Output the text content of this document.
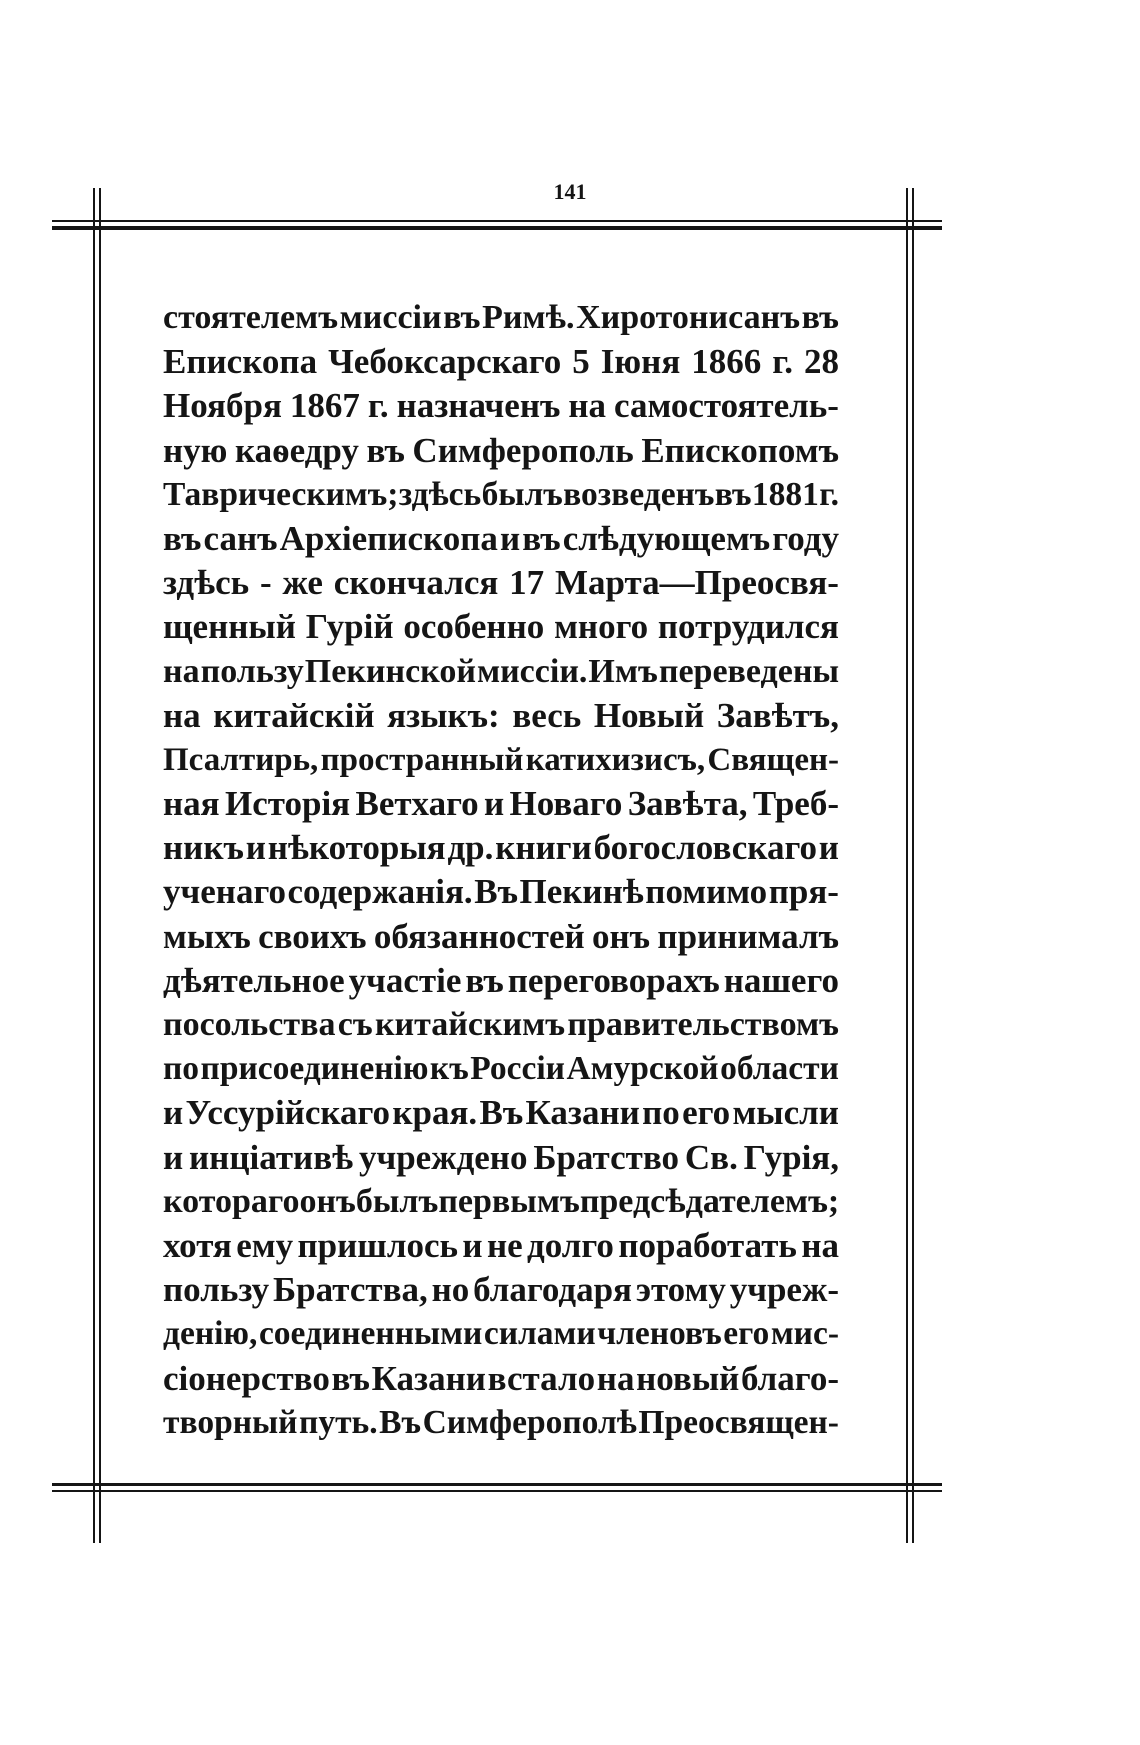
141
стоятелемъ миссіи въ Римѣ. Хиротонисанъ въ
Епископа Чебоксарскаго 5 Іюня 1866 г. 28
Ноября 1867 г. назначенъ на самостоятель-
ную каѳедру въ Симферополь Епископомъ
Таврическимъ; здѣсь былъ возведенъ въ 1881 г.
въ санъ Архіепископа и въ слѣдующемъ году
здѣсь - же скончался 17 Марта—Преосвя-
щенный Гурій особенно много потрудился
на пользу Пекинской миссіи. Имъ переведены
на китайскій языкъ: весь Новый Завѣтъ,
Псалтирь, пространный катихизисъ, Священ-
ная Исторія Ветхаго и Новаго Завѣта, Треб-
никъ и нѣкоторыя др. книги богословскаго и
ученаго содержанія. Въ Пекинѣ помимо пря-
мыхъ своихъ обязанностей онъ принималъ
дѣятельное участіе въ переговорахъ нашего
посольства съ китайскимъ правительствомъ
по присоединенію къ Россіи Амурской области
и Уссурійскаго края. Въ Казани по его мысли
и инціативѣ учреждено Братство Св. Гурія,
котораго онъ былъ первымъ предсѣдателемъ;
хотя ему пришлось и не долго поработать на
пользу Братства, но благодаря этому учреж-
денію, соединенными силами членовъ его мис-
сіонерство въ Казани встало на новый благо-
творный путь. Въ Симферополѣ Преосвящен-
